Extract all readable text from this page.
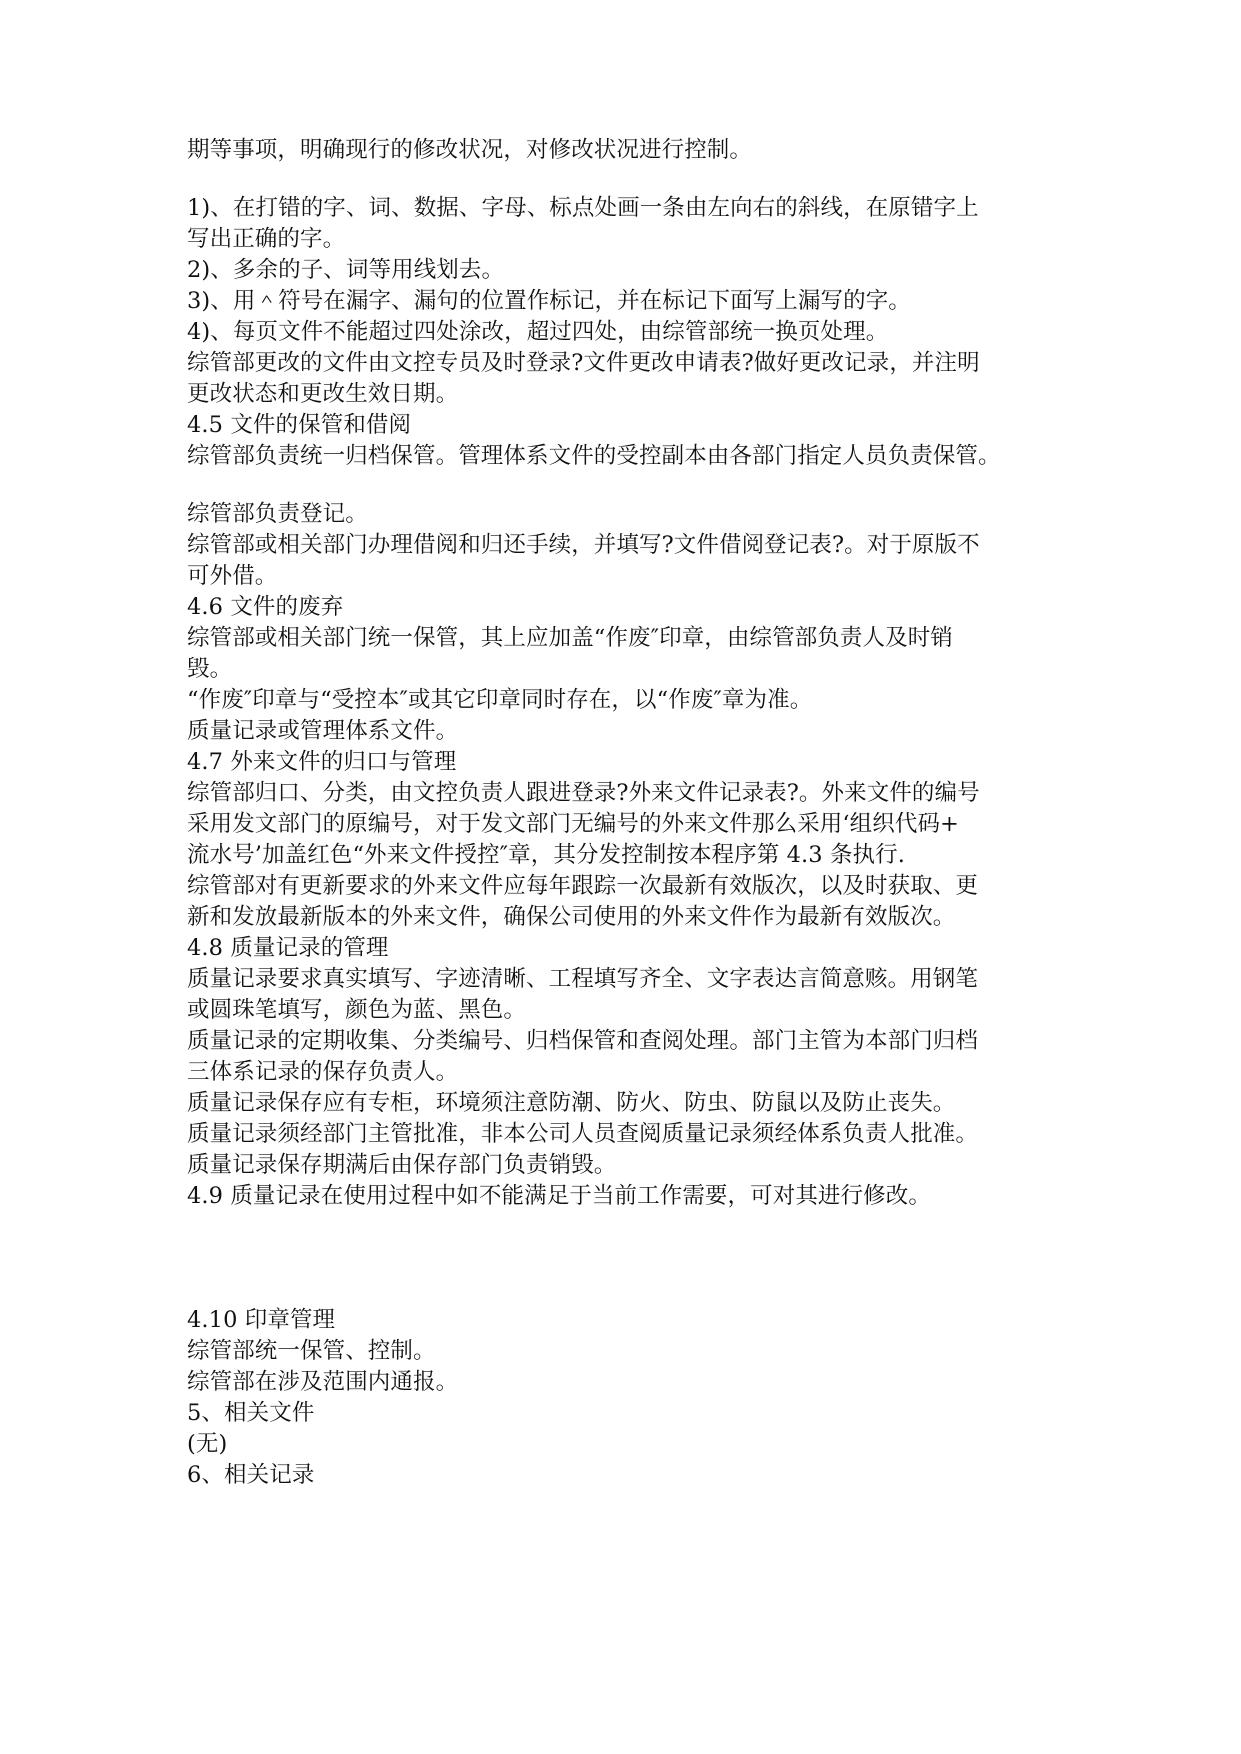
期等事项，明确现行的修改状况，对修改状况进行控制。
1)、在打错的字、词、数据、字母、标点处画一条由左向右的斜线，在原错字上
写出正确的字。
2)、多余的子、词等用线划去。
3)、用＾符号在漏字、漏句的位置作标记，并在标记下面写上漏写的字。
4)、每页文件不能超过四处涂改，超过四处，由综管部统一换页处理。
综管部更改的文件由文控专员及时登录?文件更改申请表?做好更改记录，并注明
更改状态和更改生效日期。
4.5 文件的保管和借阅
综管部负责统一归档保管。管理体系文件的受控副本由各部门指定人员负责保管。
综管部负责登记。
综管部或相关部门办理借阅和归还手续，并填写?文件借阅登记表?。对于原版不
可外借。
4.6 文件的废弃
综管部或相关部门统一保管，其上应加盖“作废″印章，由综管部负责人及时销
毁。
“作废″印章与“受控本″或其它印章同时存在，以“作废″章为准。
质量记录或管理体系文件。
4.7 外来文件的归口与管理
综管部归口、分类，由文控负责人跟进登录?外来文件记录表?。外来文件的编号
采用发文部门的原编号，对于发文部门无编号的外来文件那么采用‘组织代码+
流水号’加盖红色“外来文件授控″章，其分发控制按本程序第 4.3 条执行.
综管部对有更新要求的外来文件应每年跟踪一次最新有效版次，以及时获取、更
新和发放最新版本的外来文件，确保公司使用的外来文件作为最新有效版次。
4.8 质量记录的管理
质量记录要求真实填写、字迹清晰、工程填写齐全、文字表达言简意赅。用钢笔
或圆珠笔填写，颜色为蓝、黑色。
质量记录的定期收集、分类编号、归档保管和查阅处理。部门主管为本部门归档
三体系记录的保存负责人。
质量记录保存应有专柜，环境须注意防潮、防火、防虫、防鼠以及防止丧失。
质量记录须经部门主管批准，非本公司人员查阅质量记录须经体系负责人批准。
质量记录保存期满后由保存部门负责销毁。
4.9 质量记录在使用过程中如不能满足于当前工作需要，可对其进行修改。
4.10 印章管理
综管部统一保管、控制。
综管部在涉及范围内通报。
5、相关文件
(无)
6、相关记录
